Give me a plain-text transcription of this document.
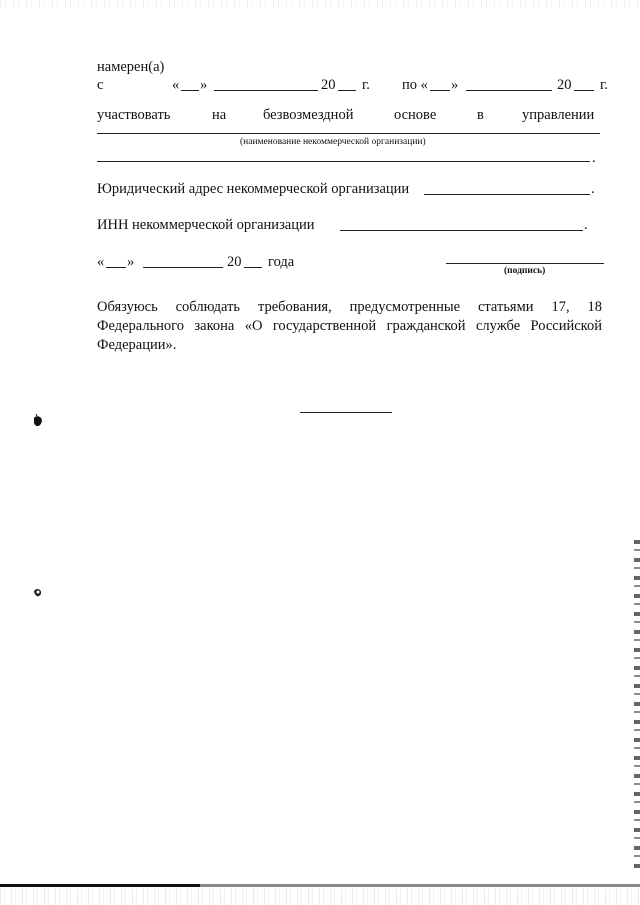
намерен(а)
с	« »	20 г. по « »	20 г.
участвовать	на	безвозмездной	основе	в	управлении
(наименование некоммерческой организации)
.
Юридический адрес некоммерческой организации	.
ИНН некоммерческой организации	.
« »	20 года
(подпись)
Обязуюсь соблюдать требования, предусмотренные статьями 17, 18 Федерального закона «О государственной гражданской службе Российской Федерации».
